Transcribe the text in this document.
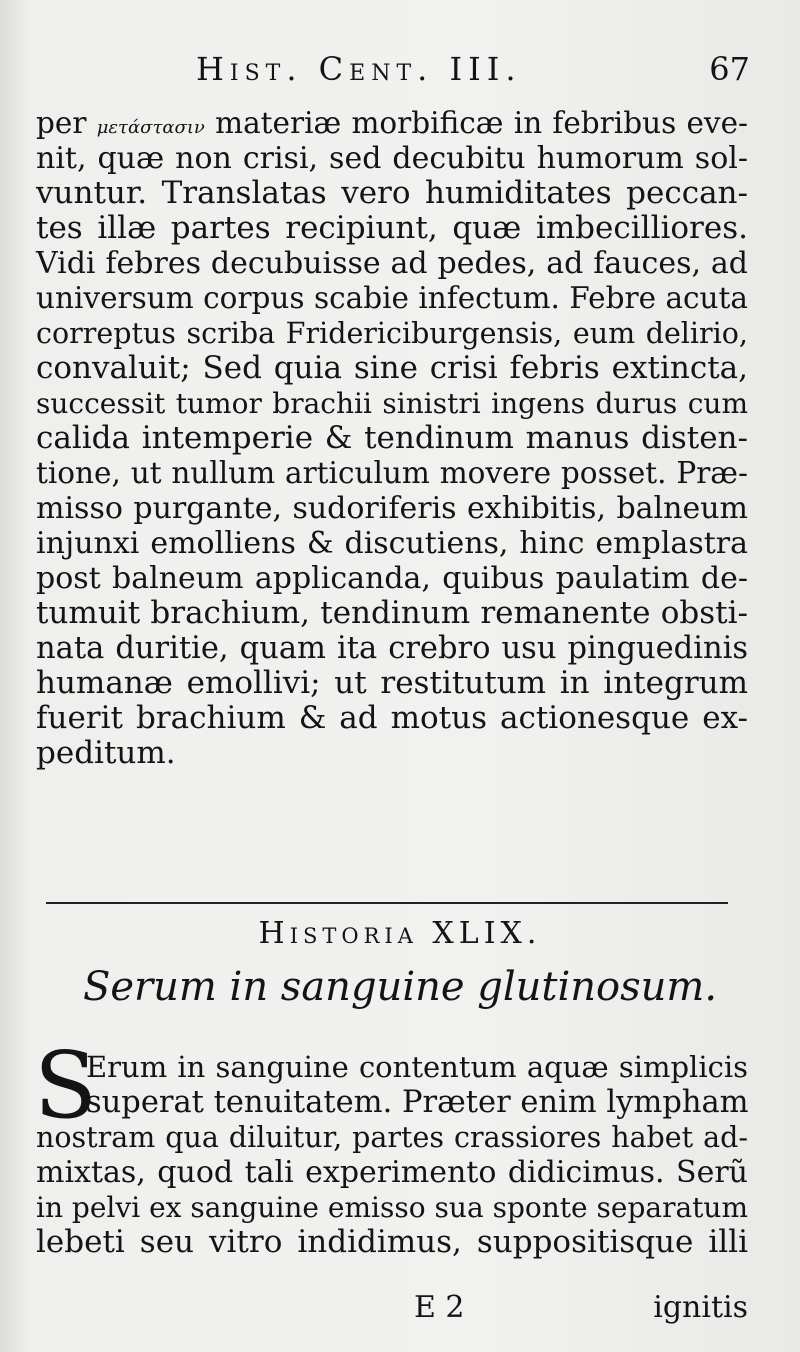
Hist. Cent. III.	67
per μετάστασιν materiæ morbificæ in febribus eve-
nit, quæ non crisi, sed decubitu humorum sol-
vuntur. Translatas vero humiditates peccan-
tes illæ partes recipiunt, quæ imbecilliores.
Vidi febres decubuisse ad pedes, ad fauces, ad
universum corpus scabie infectum. Febre acuta
correptus scriba Fridericiburgensis, eum delirio,
convaluit; Sed quia sine crisi febris extincta,
successit tumor brachii sinistri ingens durus cum
calida intemperie & tendinum manus disten-
tione, ut nullum articulum movere posset. Præ-
misso purgante, sudoriferis exhibitis, balneum
injunxi emolliens & discutiens, hinc emplastra
post balneum applicanda, quibus paulatim de-
tumuit brachium, tendinum remanente obsti-
nata duritie, quam ita crebro usu pinguedinis
humanæ emollivi; ut restitutum in integrum
fuerit brachium & ad motus actionesque ex-
peditum.
Historia XLIX.
Serum in sanguine glutinosum.
S
Erum in sanguine contentum aquæ simplicis
superat tenuitatem. Præter enim lympham
nostram qua diluitur, partes crassiores habet ad-
mixtas, quod tali experimento didicimus. Serũ
in pelvi ex sanguine emisso sua sponte separatum
lebeti seu vitro indidimus, suppositisque illi
E 2	ignitis
